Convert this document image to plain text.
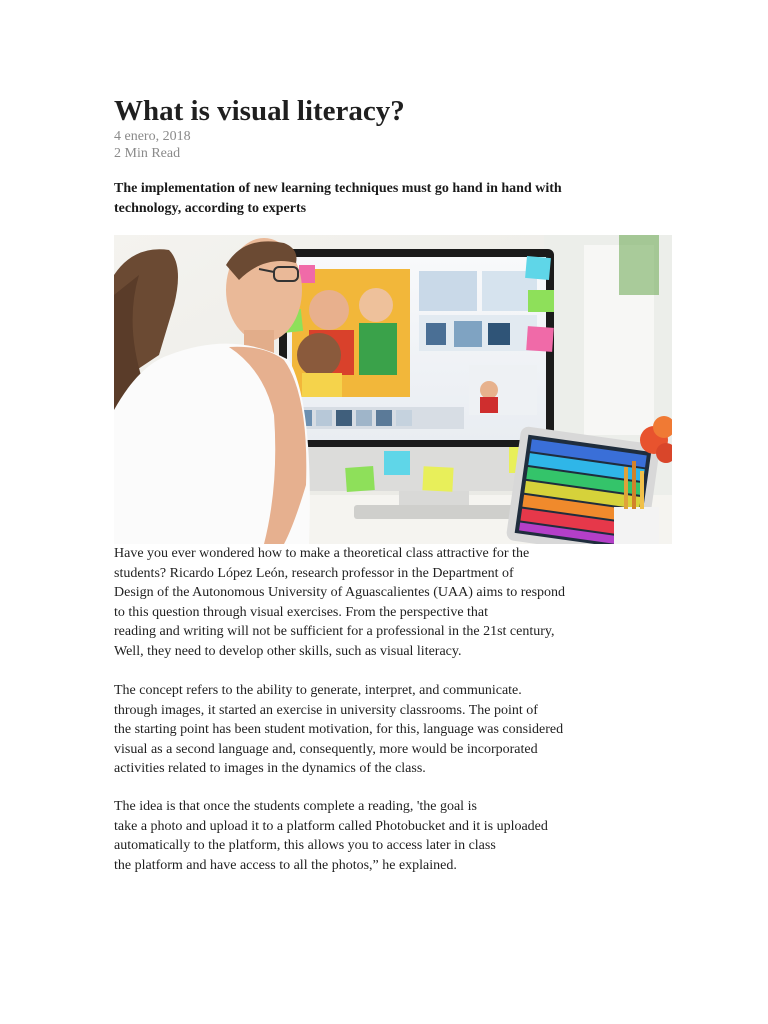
What is visual literacy?
4 enero, 2018
2 Min Read

The implementation of new learning techniques must go hand in hand with technology, according to experts

Have you ever wondered how to make a theoretical class attractive for the
students? Ricardo López León, research professor in the Department of
Design of the Autonomous University of Aguascalientes (UAA) aims to respond
to this question through visual exercises. From the perspective that
reading and writing will not be sufficient for a professional in the 21st century,
Well, they need to develop other skills, such as visual literacy.

The concept refers to the ability to generate, interpret, and communicate.
through images, it started an exercise in university classrooms. The point of
the starting point has been student motivation, for this, language was considered
visual as a second language and, consequently, more would be incorporated
activities related to images in the dynamics of the class.

The idea is that once the students complete a reading, 'the goal is
take a photo and upload it to a platform called Photobucket and it is uploaded
automatically to the platform, this allows you to access later in class
the platform and have access to all the photos,” he explained.
